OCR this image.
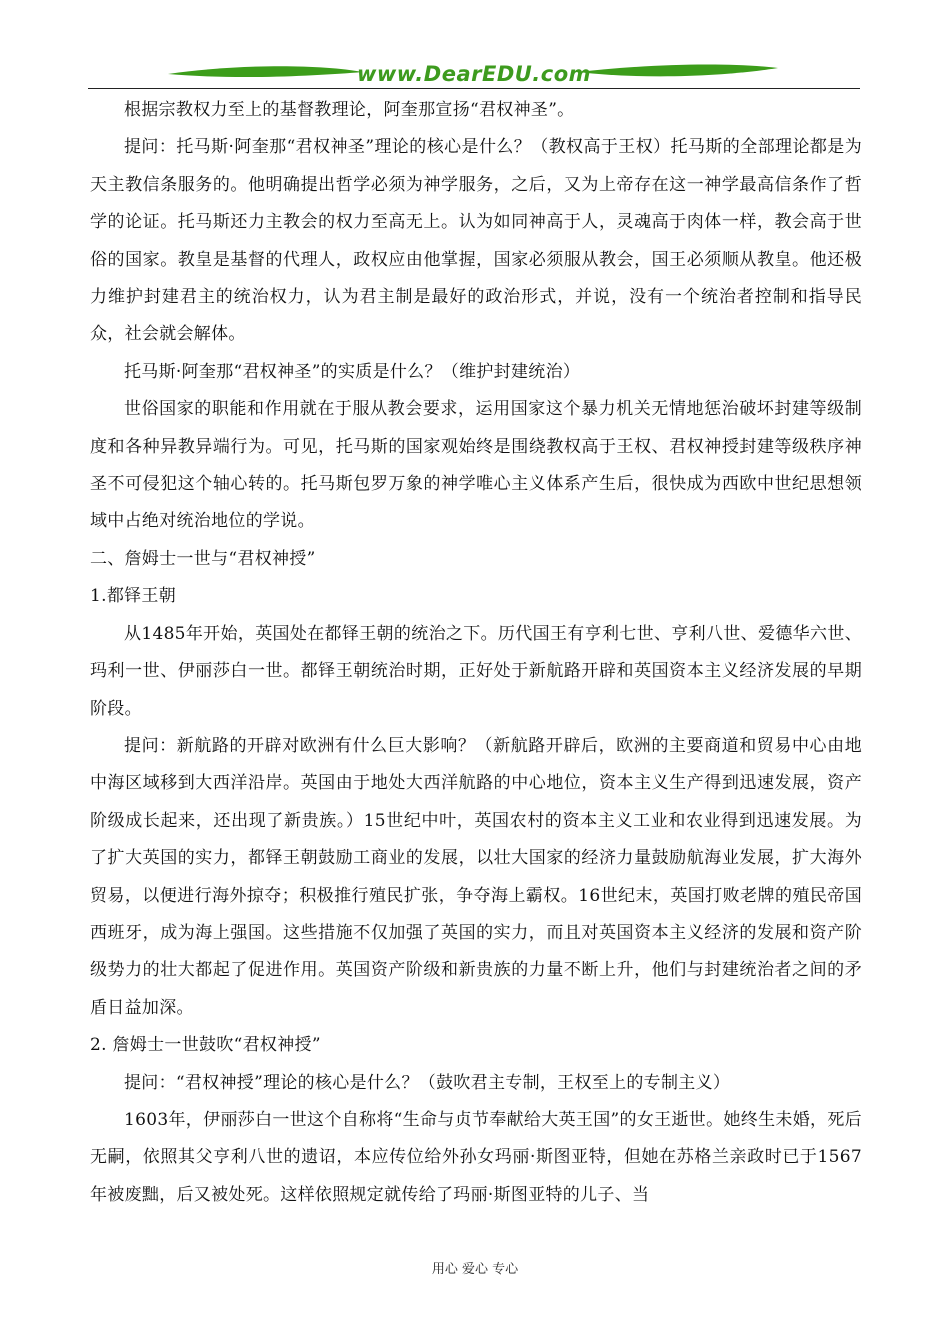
www.DearEDU.com

根据宗教权力至上的基督教理论，阿奎那宣扬“君权神圣”。

提问：托马斯·阿奎那“君权神圣”理论的核心是什么？（教权高于王权）托马斯的全部理论都是为天主教信条服务的。他明确提出哲学必须为神学服务，之后，又为上帝存在这一神学最高信条作了哲学的论证。托马斯还力主教会的权力至高无上。认为如同神高于人，灵魂高于肉体一样，教会高于世俗的国家。教皇是基督的代理人，政权应由他掌握，国家必须服从教会，国王必须顺从教皇。他还极力维护封建君主的统治权力，认为君主制是最好的政治形式，并说，没有一个统治者控制和指导民众，社会就会解体。

托马斯·阿奎那“君权神圣”的实质是什么？（维护封建统治）

世俗国家的职能和作用就在于服从教会要求，运用国家这个暴力机关无情地惩治破坏封建等级制度和各种异教异端行为。可见，托马斯的国家观始终是围绕教权高于王权、君权神授封建等级秩序神圣不可侵犯这个轴心转的。托马斯包罗万象的神学唯心主义体系产生后，很快成为西欧中世纪思想领域中占绝对统治地位的学说。

二、詹姆士一世与“君权神授”

1.都铎王朝

从1485年开始，英国处在都铎王朝的统治之下。历代国王有亨利七世、亨利八世、爱德华六世、玛利一世、伊丽莎白一世。都铎王朝统治时期，正好处于新航路开辟和英国资本主义经济发展的早期阶段。

提问：新航路的开辟对欧洲有什么巨大影响？（新航路开辟后，欧洲的主要商道和贸易中心由地中海区域移到大西洋沿岸。英国由于地处大西洋航路的中心地位，资本主义生产得到迅速发展，资产阶级成长起来，还出现了新贵族。）15世纪中叶，英国农村的资本主义工业和农业得到迅速发展。为了扩大英国的实力，都铎王朝鼓励工商业的发展，以壮大国家的经济力量鼓励航海业发展，扩大海外贸易，以便进行海外掠夺；积极推行殖民扩张，争夺海上霸权。16世纪末，英国打败老牌的殖民帝国西班牙，成为海上强国。这些措施不仅加强了英国的实力，而且对英国资本主义经济的发展和资产阶级势力的壮大都起了促进作用。英国资产阶级和新贵族的力量不断上升，他们与封建统治者之间的矛盾日益加深。

2. 詹姆士一世鼓吹“君权神授”

提问：“君权神授”理论的核心是什么？（鼓吹君主专制，王权至上的专制主义）

1603年，伊丽莎白一世这个自称将“生命与贞节奉献给大英王国”的女王逝世。她终生未婚，死后无嗣，依照其父亨利八世的遗诏，本应传位给外孙女玛丽·斯图亚特，但她在苏格兰亲政时已于1567年被废黜，后又被处死。这样依照规定就传给了玛丽·斯图亚特的儿子、当

用心 爱心 专心
